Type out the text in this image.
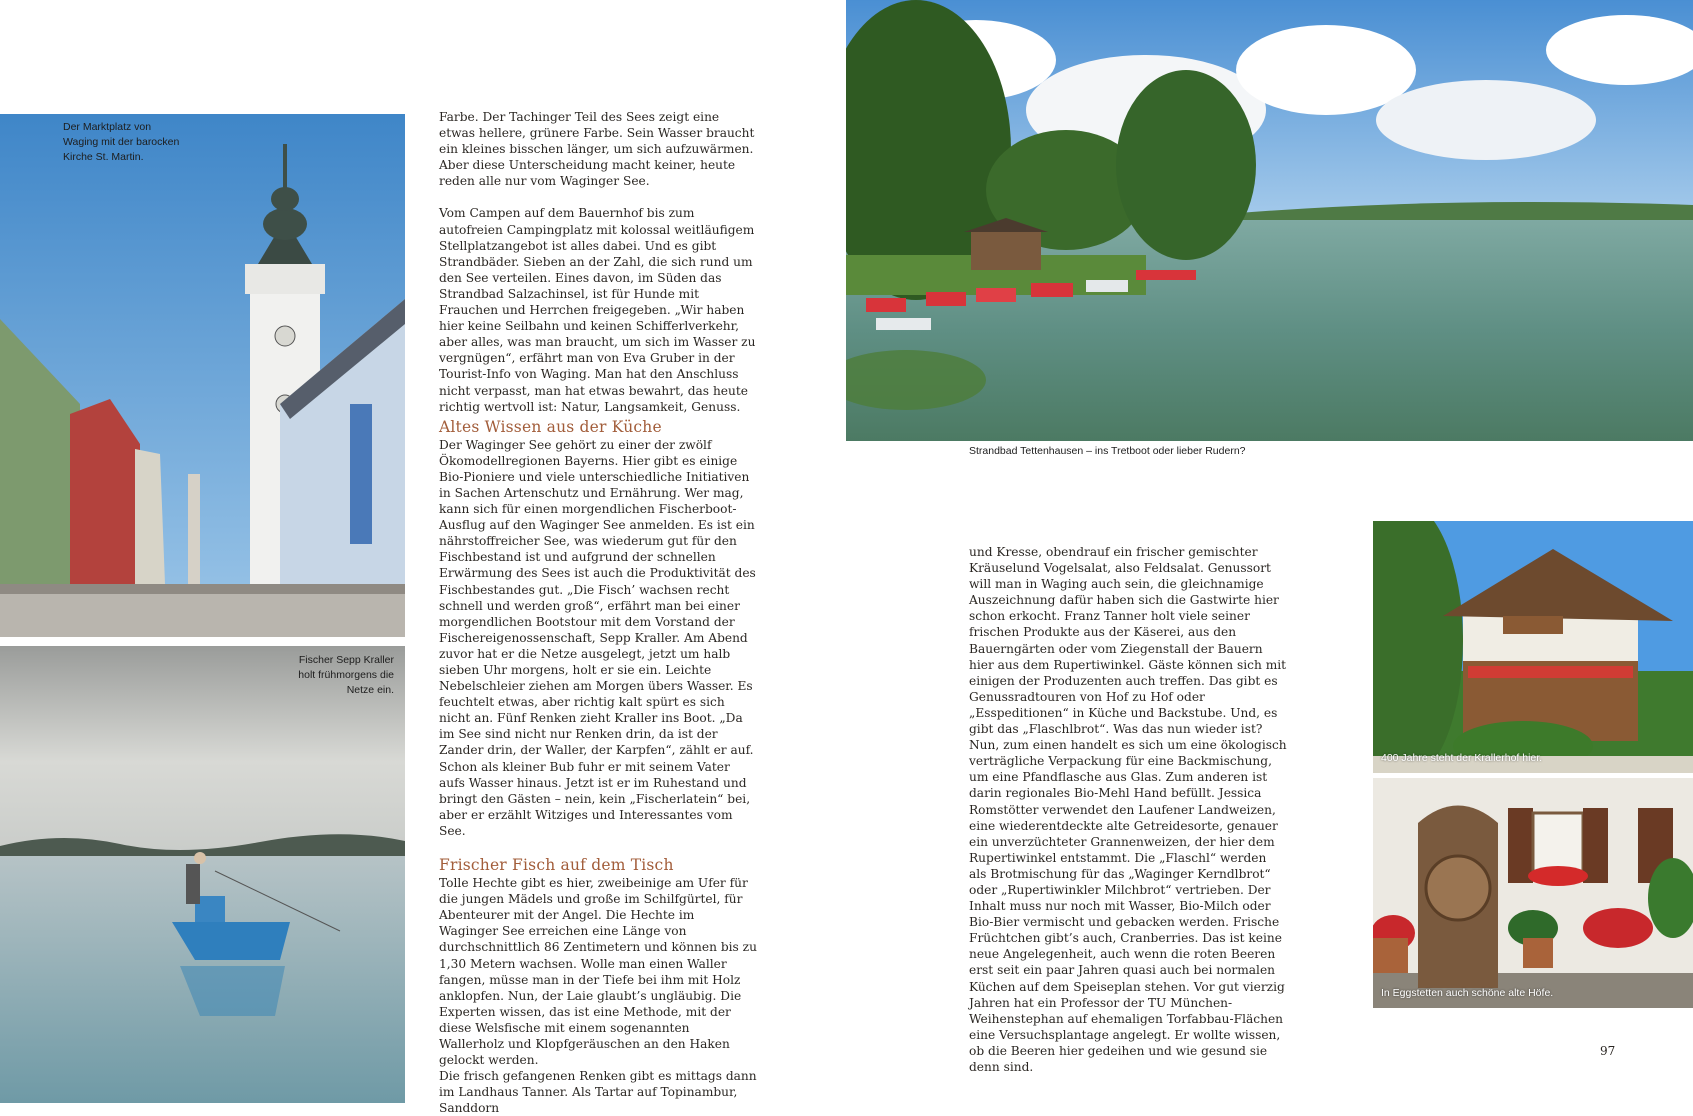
Der Marktplatz von
Waging mit der barocken
Kirche St. Martin.
Fischer Sepp Kraller
holt frühmorgens die
Netze ein.

Farbe. Der Tachinger Teil des Sees zeigt eine etwas hellere, grünere Farbe. Sein Wasser braucht ein kleines bisschen länger, um sich aufzuwärmen. Aber diese Unterscheidung macht keiner, heute reden alle nur vom Waginger See.

Vom Campen auf dem Bauernhof bis zum autofreien Campingplatz mit kolossal weitläufigem Stellplatzangebot ist alles dabei. Und es gibt Strandbäder. Sieben an der Zahl, die sich rund um den See verteilen. Eines davon, im Süden das Strandbad Salzachinsel, ist für Hunde mit Frauchen und Herrchen freigegeben. „Wir haben hier keine Seilbahn und keinen Schifferlverkehr, aber alles, was man braucht, um sich im Wasser zu vergnügen“, erfährt man von Eva Gruber in der Tourist-Info von Waging. Man hat den Anschluss nicht verpasst, man hat etwas bewahrt, das heute richtig wertvoll ist: Natur, Langsamkeit, Genuss.

Altes Wissen aus der Küche

Der Waginger See gehört zu einer der zwölf Ökomodellregionen Bayerns. Hier gibt es einige Bio-Pioniere und viele unterschiedliche Initiativen in Sachen Artenschutz und Ernährung. Wer mag, kann sich für einen morgendlichen Fischerboot-Ausflug auf den Waginger See anmelden. Es ist ein nährstoffreicher See, was wiederum gut für den Fischbestand ist und aufgrund der schnellen Erwärmung des Sees ist auch die Produktivität des Fischbestandes gut. „Die Fisch’ wachsen recht schnell und werden groß“, erfährt man bei einer morgendlichen Bootstour mit dem Vorstand der Fischereigenossenschaft, Sepp Kraller. Am Abend zuvor hat er die Netze ausgelegt, jetzt um halb sieben Uhr morgens, holt er sie ein. Leichte Nebelschleier ziehen am Morgen übers Wasser. Es feuchtelt etwas, aber richtig kalt spürt es sich nicht an. Fünf Renken zieht Kraller ins Boot. „Da im See sind nicht nur Renken drin, da ist der Zander drin, der Waller, der Karpfen“, zählt er auf. Schon als kleiner Bub fuhr er mit seinem Vater aufs Wasser hinaus. Jetzt ist er im Ruhestand und bringt den Gästen – nein, kein „Fischerlatein“ bei, aber er erzählt Witziges und Interessantes vom See.

Frischer Fisch auf dem Tisch

Tolle Hechte gibt es hier, zweibeinige am Ufer für die jungen Mädels und große im Schilfgürtel, für Abenteurer mit der Angel. Die Hechte im Waginger See erreichen eine Länge von durchschnittlich 86 Zentimetern und können bis zu 1,30 Metern wachsen. Wolle man einen Waller fangen, müsse man in der Tiefe bei ihm mit Holz anklopfen. Nun, der Laie glaubt’s ungläubig. Die Experten wissen, das ist eine Methode, mit der diese Welsfische mit einem sogenannten Wallerholz und Klopfgeräuschen an den Haken gelockt werden.

Die frisch gefangenen Renken gibt es mittags dann im Landhaus Tanner. Als Tartar auf Topinambur, Sanddorn

Strandbad Tettenhausen – ins Tretboot oder lieber Rudern?

und Kresse, obendrauf ein frischer gemischter Kräuselund Vogelsalat, also Feldsalat. Genussort will man in Waging auch sein, die gleichnamige Auszeichnung dafür haben sich die Gastwirte hier schon erkocht. Franz Tanner holt viele seiner frischen Produkte aus der Käserei, aus den Bauerngärten oder vom Ziegenstall der Bauern hier aus dem Rupertiwinkel. Gäste können sich mit einigen der Produzenten auch treffen. Das gibt es Genussradtouren von Hof zu Hof oder „Esspeditionen“ in Küche und Backstube. Und, es gibt das „Flaschlbrot“. Was das nun wieder ist? Nun, zum einen handelt es sich um eine ökologisch verträgliche Verpackung für eine Backmischung, um eine Pfandflasche aus Glas. Zum anderen ist darin regionales Bio-Mehl Hand befüllt. Jessica Romstötter verwendet den Laufener Landweizen, eine wiederentdeckte alte Getreidesorte, genauer ein unverzüchteter Grannenweizen, der hier dem Rupertiwinkel entstammt. Die „Flaschl“ werden als Brotmischung für das „Waginger Kerndlbrot“ oder „Rupertiwinkler Milchbrot“ vertrieben. Der Inhalt muss nur noch mit Wasser, Bio-Milch oder Bio-Bier vermischt und gebacken werden. Frische Früchtchen gibt’s auch, Cranberries. Das ist keine neue Angelegenheit, auch wenn die roten Beeren erst seit ein paar Jahren quasi auch bei normalen Küchen auf dem Speiseplan stehen. Vor gut vierzig Jahren hat ein Professor der TU München-Weihenstephan auf ehemaligen Torfabbau-Flächen eine Versuchsplantage angelegt. Er wollte wissen, ob die Beeren hier gedeihen und wie gesund sie denn sind.

400 Jahre steht der Krallerhof hier.
In Eggstetten auch schöne alte Höfe.
97
